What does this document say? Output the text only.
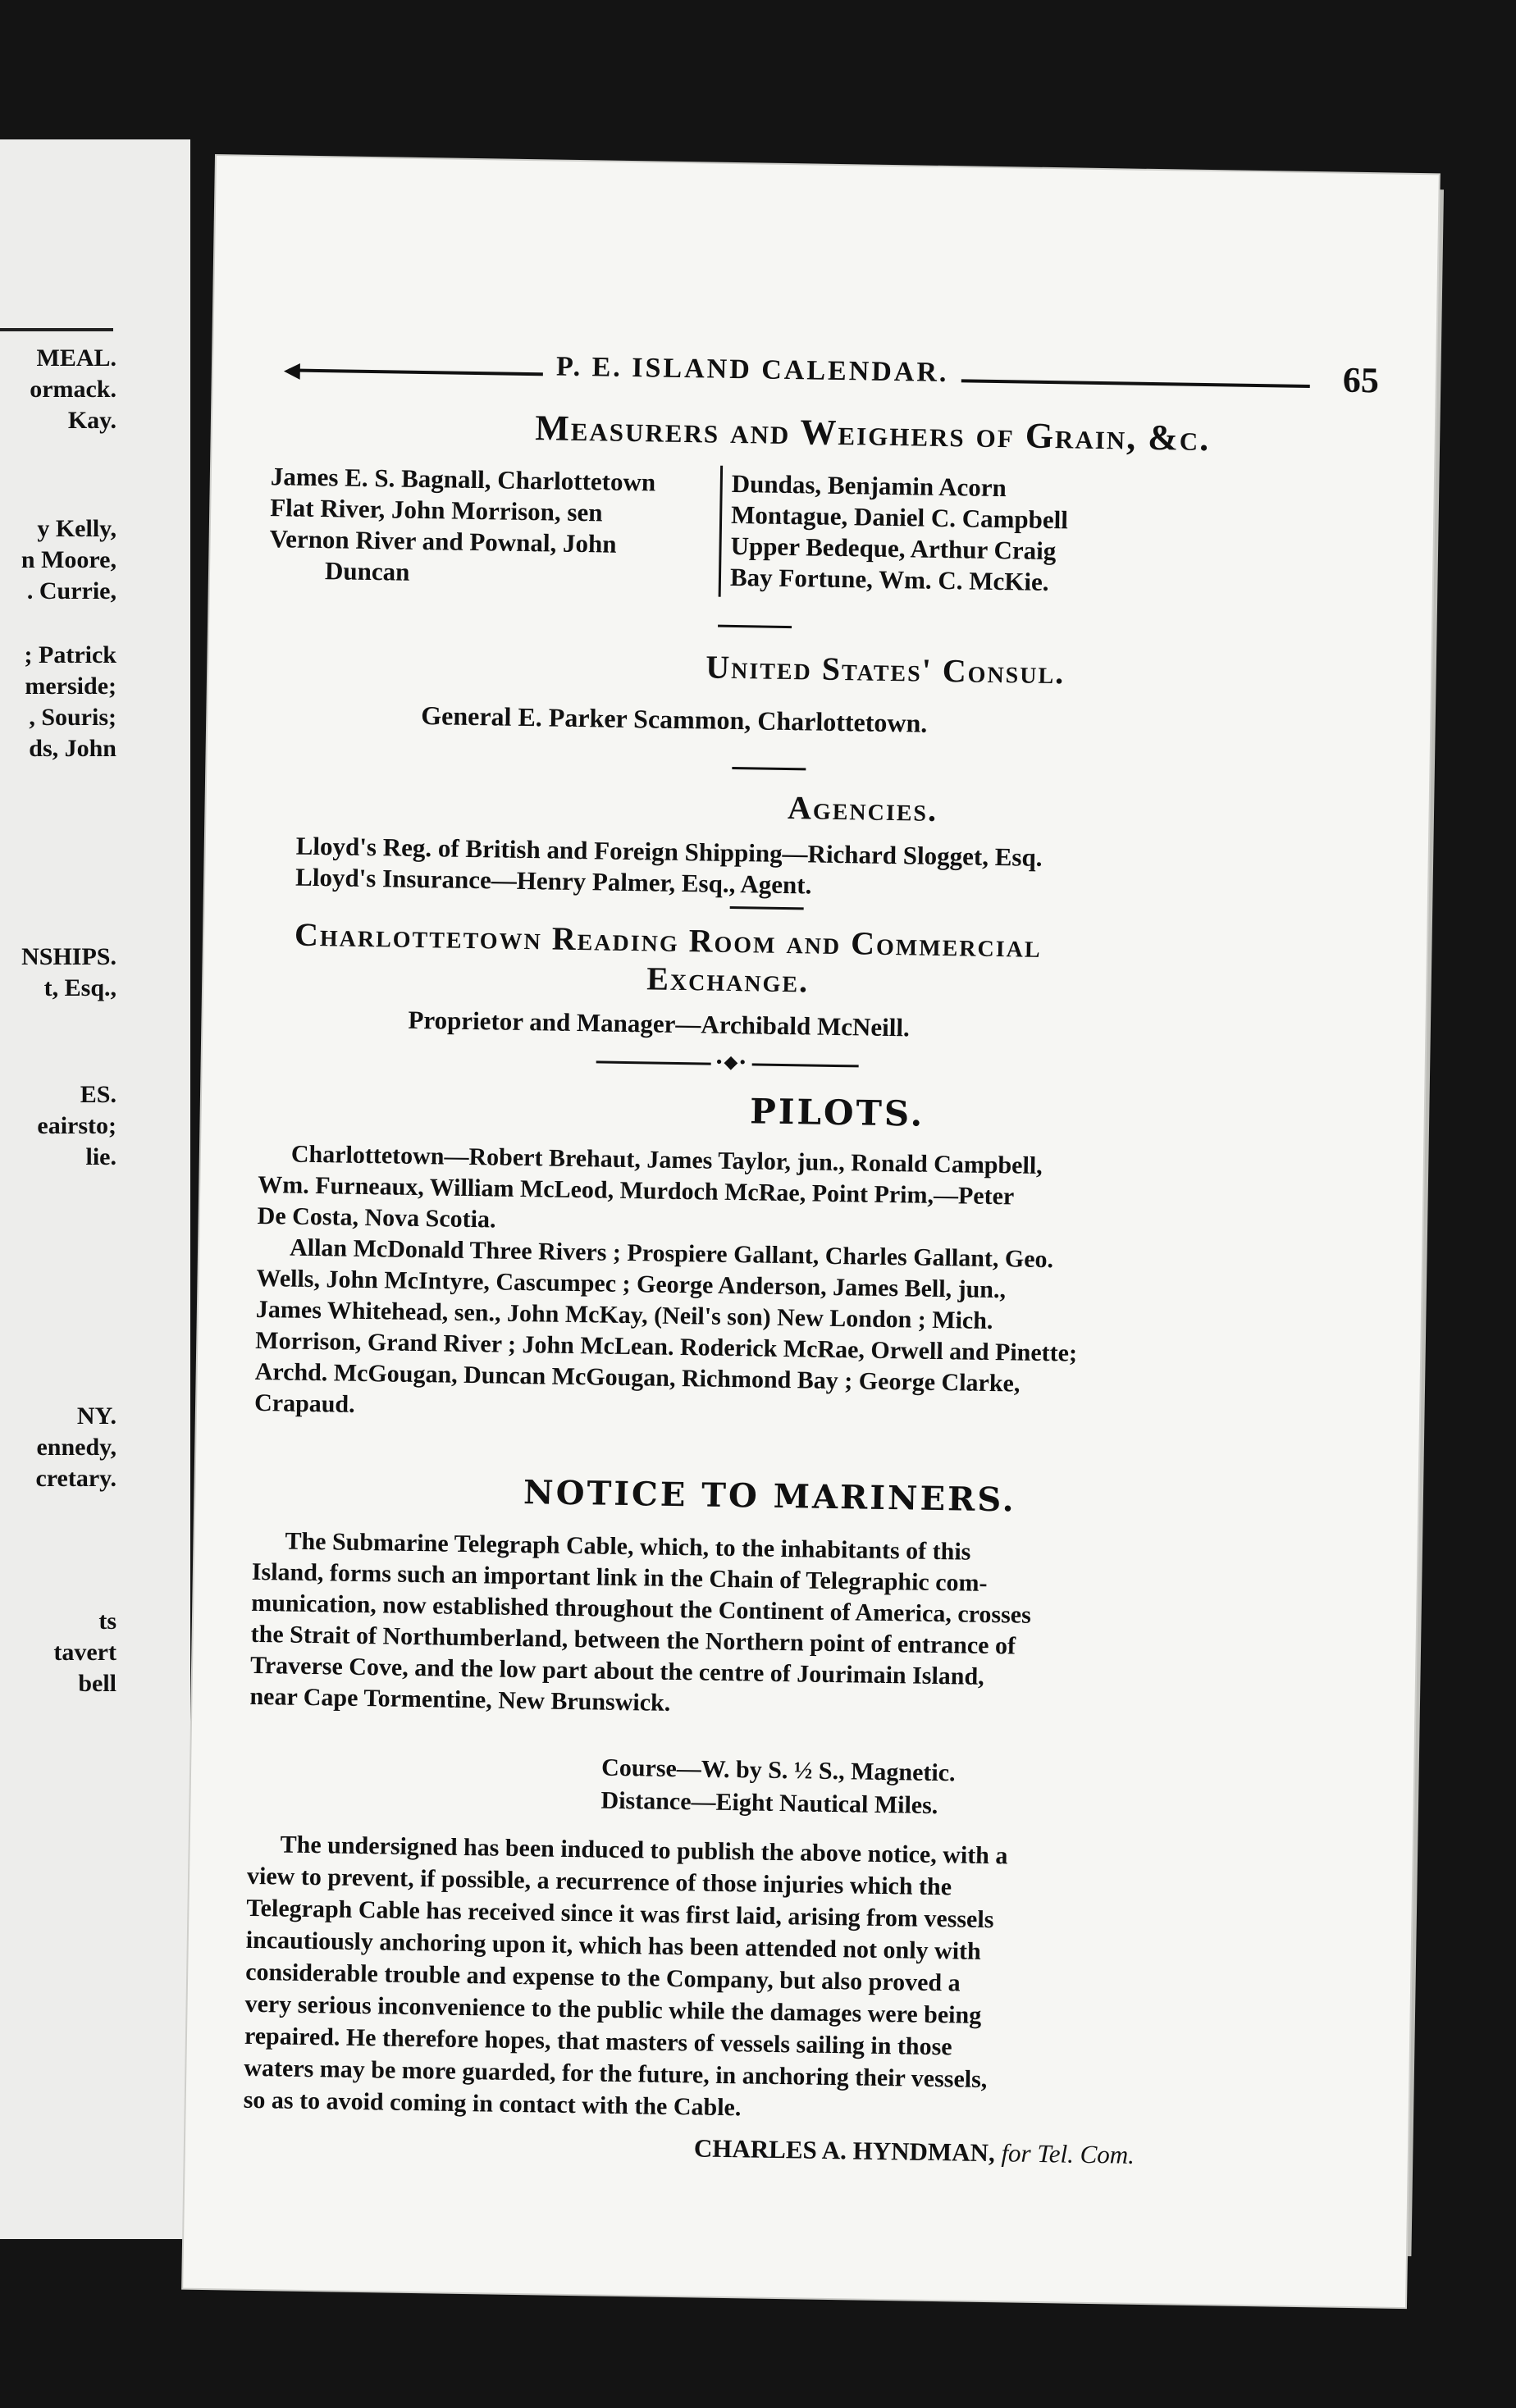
MEAL.
ormack.
Kay.
y Kelly,
n Moore,
. Currie,
; Patrick
merside;
, Souris;
ds, John
NSHIPS.
t, Esq.,
ES.
eairsto;
lie.
NY.
ennedy,
cretary.
ts
tavert
bell
◀	P. E. ISLAND CALENDAR.	65
Measurers and Weighers of Grain, &c.
James E. S. Bagnall, Charlottetown
Flat River, John Morrison, sen
Vernon River and Pownal, John
Duncan
Dundas, Benjamin Acorn
Montague, Daniel C. Campbell
Upper Bedeque, Arthur Craig
Bay Fortune, Wm. C. McKie.
United States' Consul.
General E. Parker Scammon, Charlottetown.
Agencies.
Lloyd's Reg. of British and Foreign Shipping—Richard Slogget, Esq.
Lloyd's Insurance—Henry Palmer, Esq., Agent.
Charlottetown Reading Room and Commercial
Exchange.
Proprietor and Manager—Archibald McNeill.
•◆•
PILOTS.
Charlottetown—Robert Brehaut, James Taylor, jun., Ronald Campbell,
Wm. Furneaux, William McLeod, Murdoch McRae, Point Prim,—Peter
De Costa, Nova Scotia.
Allan McDonald Three Rivers ; Prospiere Gallant, Charles Gallant, Geo.
Wells, John McIntyre, Cascumpec ; George Anderson, James Bell, jun.,
James Whitehead, sen., John McKay, (Neil's son) New London ; Mich.
Morrison, Grand River ; John McLean. Roderick McRae, Orwell and Pinette;
Archd. McGougan, Duncan McGougan, Richmond Bay ; George Clarke,
Crapaud.
NOTICE TO MARINERS.
The Submarine Telegraph Cable, which, to the inhabitants of this
Island, forms such an important link in the Chain of Telegraphic com-
munication, now established throughout the Continent of America, crosses
the Strait of Northumberland, between the Northern point of entrance of
Traverse Cove, and the low part about the centre of Jourimain Island,
near Cape Tormentine, New Brunswick.
Course—W. by S. ½ S., Magnetic.
Distance—Eight Nautical Miles.
The undersigned has been induced to publish the above notice, with a
view to prevent, if possible, a recurrence of those injuries which the
Telegraph Cable has received since it was first laid, arising from vessels
incautiously anchoring upon it, which has been attended not only with
considerable trouble and expense to the Company, but also proved a
very serious inconvenience to the public while the damages were being
repaired. He therefore hopes, that masters of vessels sailing in those
waters may be more guarded, for the future, in anchoring their vessels,
so as to avoid coming in contact with the Cable.
CHARLES A. HYNDMAN, for Tel. Com.
